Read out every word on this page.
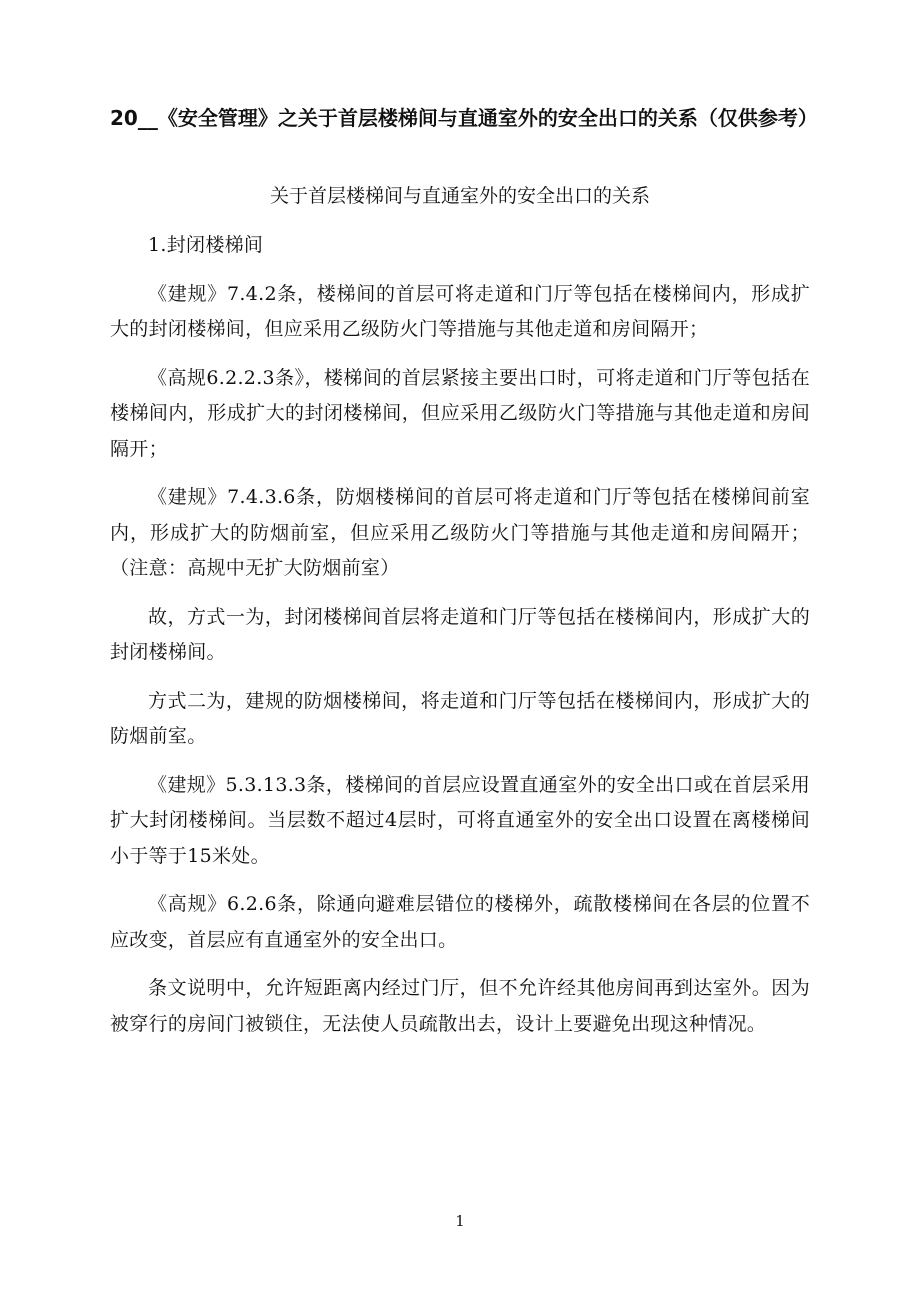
20__《安全管理》之关于首层楼梯间与直通室外的安全出口的关系（仅供参考）
关于首层楼梯间与直通室外的安全出口的关系

1.封闭楼梯间

《建规》7.4.2条，楼梯间的首层可将走道和门厅等包括在楼梯间内，形成扩大的封闭楼梯间，但应采用乙级防火门等措施与其他走道和房间隔开；

《高规6.2.2.3条》，楼梯间的首层紧接主要出口时，可将走道和门厅等包括在楼梯间内，形成扩大的封闭楼梯间，但应采用乙级防火门等措施与其他走道和房间隔开；

《建规》7.4.3.6条，防烟楼梯间的首层可将走道和门厅等包括在楼梯间前室内，形成扩大的防烟前室，但应采用乙级防火门等措施与其他走道和房间隔开；（注意：高规中无扩大防烟前室）

故，方式一为，封闭楼梯间首层将走道和门厅等包括在楼梯间内，形成扩大的封闭楼梯间。

方式二为，建规的防烟楼梯间，将走道和门厅等包括在楼梯间内，形成扩大的防烟前室。

《建规》5.3.13.3条，楼梯间的首层应设置直通室外的安全出口或在首层采用扩大封闭楼梯间。当层数不超过4层时，可将直通室外的安全出口设置在离楼梯间小于等于15米处。

《高规》6.2.6条，除通向避难层错位的楼梯外，疏散楼梯间在各层的位置不应改变，首层应有直通室外的安全出口。

条文说明中，允许短距离内经过门厅，但不允许经其他房间再到达室外。因为被穿行的房间门被锁住，无法使人员疏散出去，设计上要避免出现这种情况。

1
